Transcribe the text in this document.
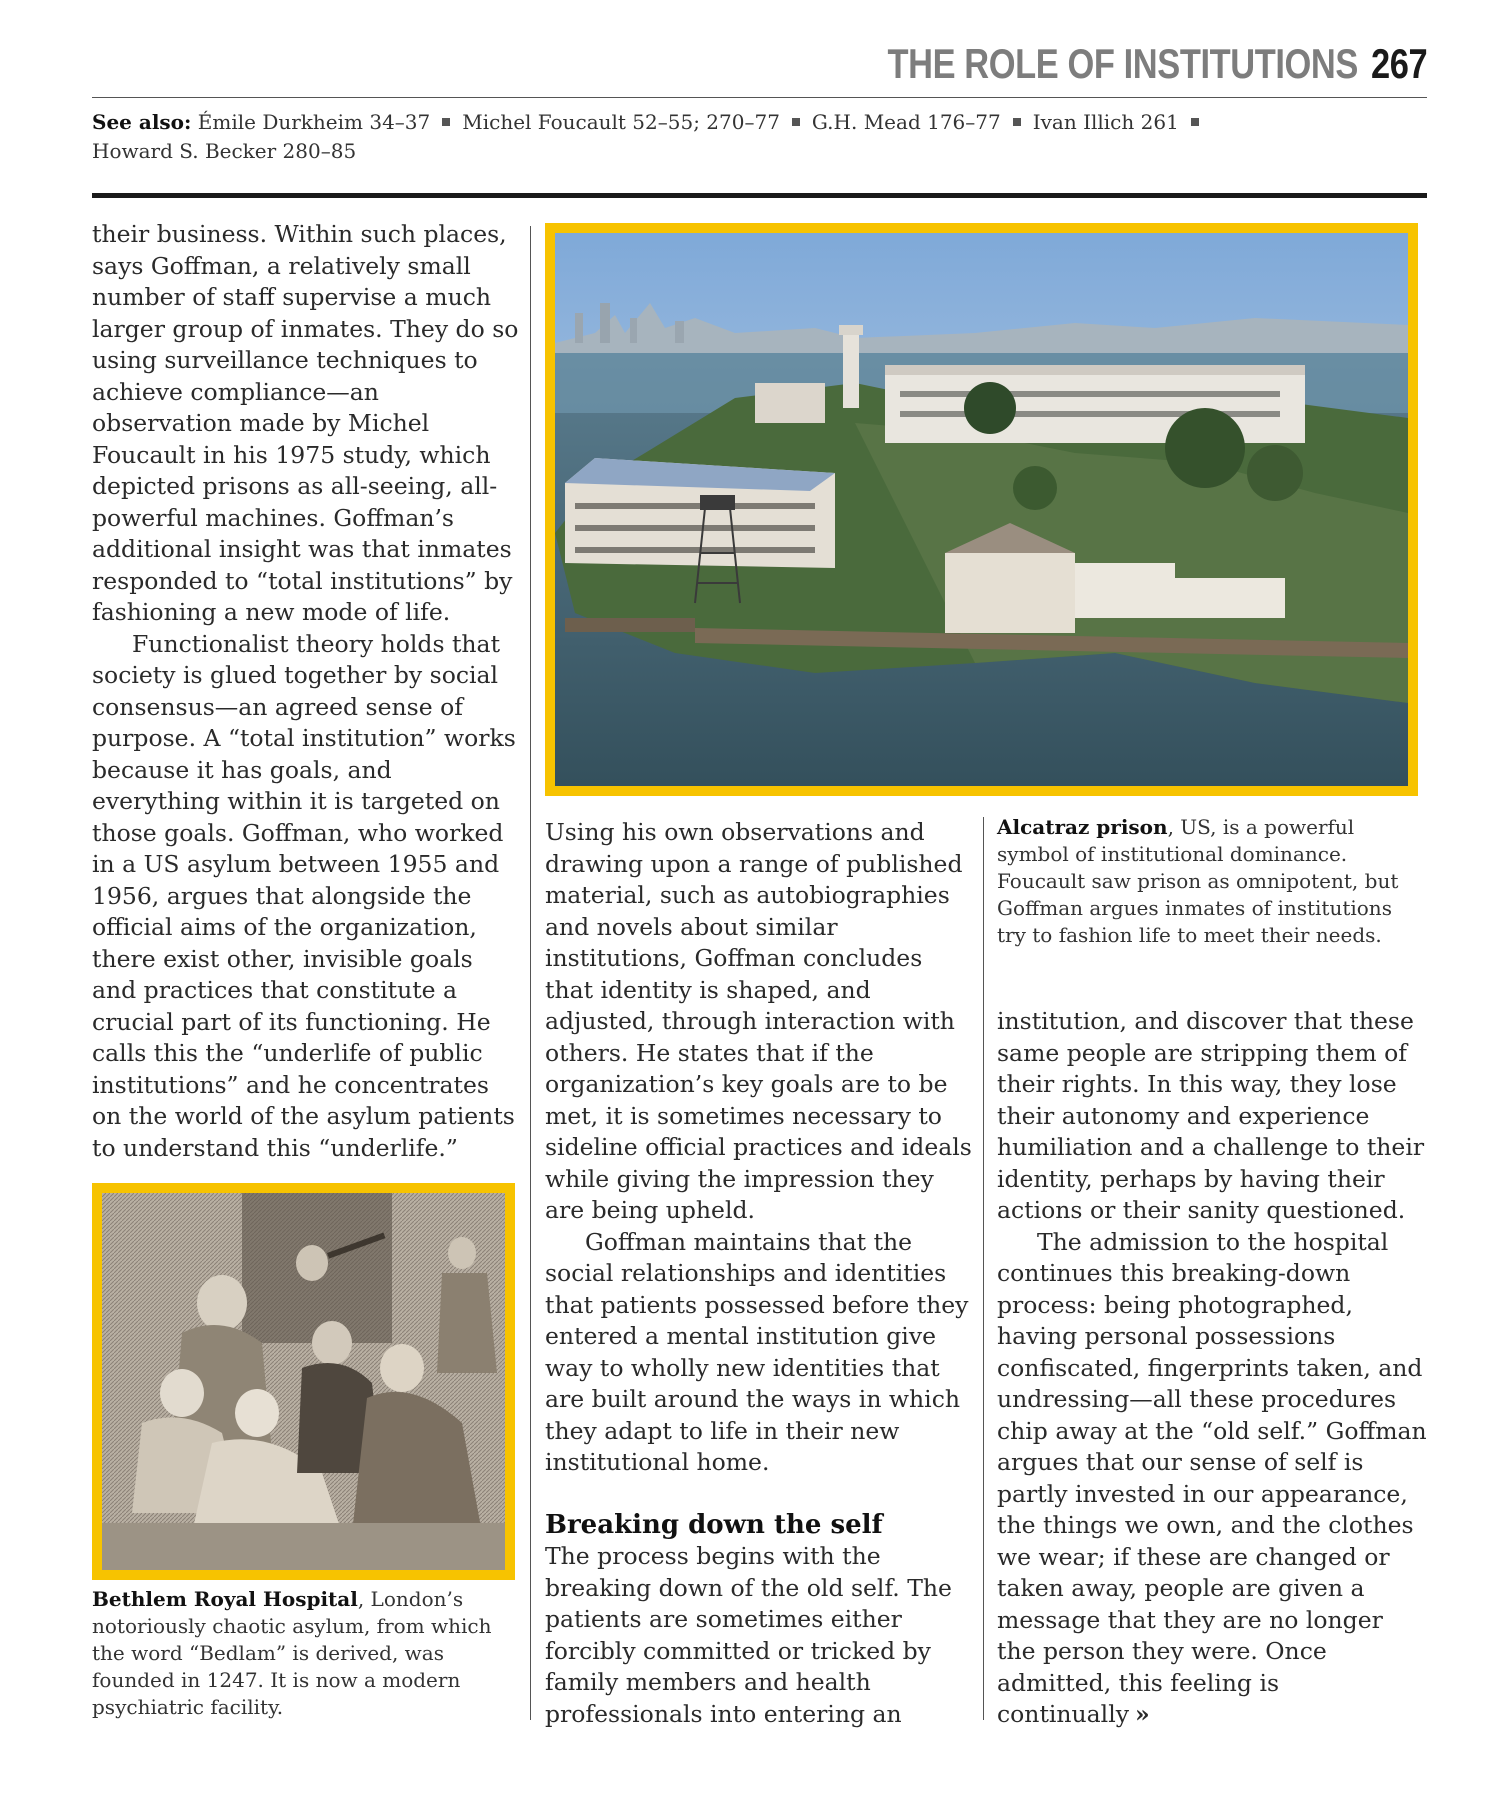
THE ROLE OF INSTITUTIONS 267
See also: Émile Durkheim 34–37 Michel Foucault 52–55; 270–77 G.H. Mead 176–77 Ivan Illich 261
Howard S. Becker 280–85

their business. Within such places, says Goffman, a relatively small number of staff supervise a much larger group of inmates. They do so using surveillance techniques to achieve compliance—an observation made by Michel Foucault in his 1975 study, which depicted prisons as all-seeing, all-powerful machines. Goffman’s additional insight was that inmates responded to “total institutions” by fashioning a new mode of life.

Functionalist theory holds that society is glued together by social consensus—an agreed sense of purpose. A “total institution” works because it has goals, and everything within it is targeted on those goals. Goffman, who worked in a US asylum between 1955 and 1956, argues that alongside the official aims of the organization, there exist other, invisible goals and practices that constitute a crucial part of its functioning. He calls this the “underlife of public institutions” and he concentrates on the world of the asylum patients to understand this “underlife.”

Alcatraz prison, US, is a powerful symbol of institutional dominance. Foucault saw prison as omnipotent, but Goffman argues inmates of institutions try to fashion life to meet their needs.

Using his own observations and drawing upon a range of published material, such as autobiographies and novels about similar institutions, Goffman concludes that identity is shaped, and adjusted, through interaction with others. He states that if the organization’s key goals are to be met, it is sometimes necessary to sideline official practices and ideals while giving the impression they are being upheld.

Goffman maintains that the social relationships and identities that patients possessed before they entered a mental institution give way to wholly new identities that are built around the ways in which they adapt to life in their new institutional home.

Breaking down the self

The process begins with the breaking down of the old self. The patients are sometimes either forcibly committed or tricked by family members and health professionals into entering an

institution, and discover that these same people are stripping them of their rights. In this way, they lose their autonomy and experience humiliation and a challenge to their identity, perhaps by having their actions or their sanity questioned.

The admission to the hospital continues this breaking-down process: being photographed, having personal possessions confiscated, fingerprints taken, and undressing—all these procedures chip away at the “old self.” Goffman argues that our sense of self is partly invested in our appearance, the things we own, and the clothes we wear; if these are changed or taken away, people are given a message that they are no longer the person they were. Once admitted, this feeling is continually »

Bethlem Royal Hospital, London’s notoriously chaotic asylum, from which the word “Bedlam” is derived, was founded in 1247. It is now a modern psychiatric facility.
